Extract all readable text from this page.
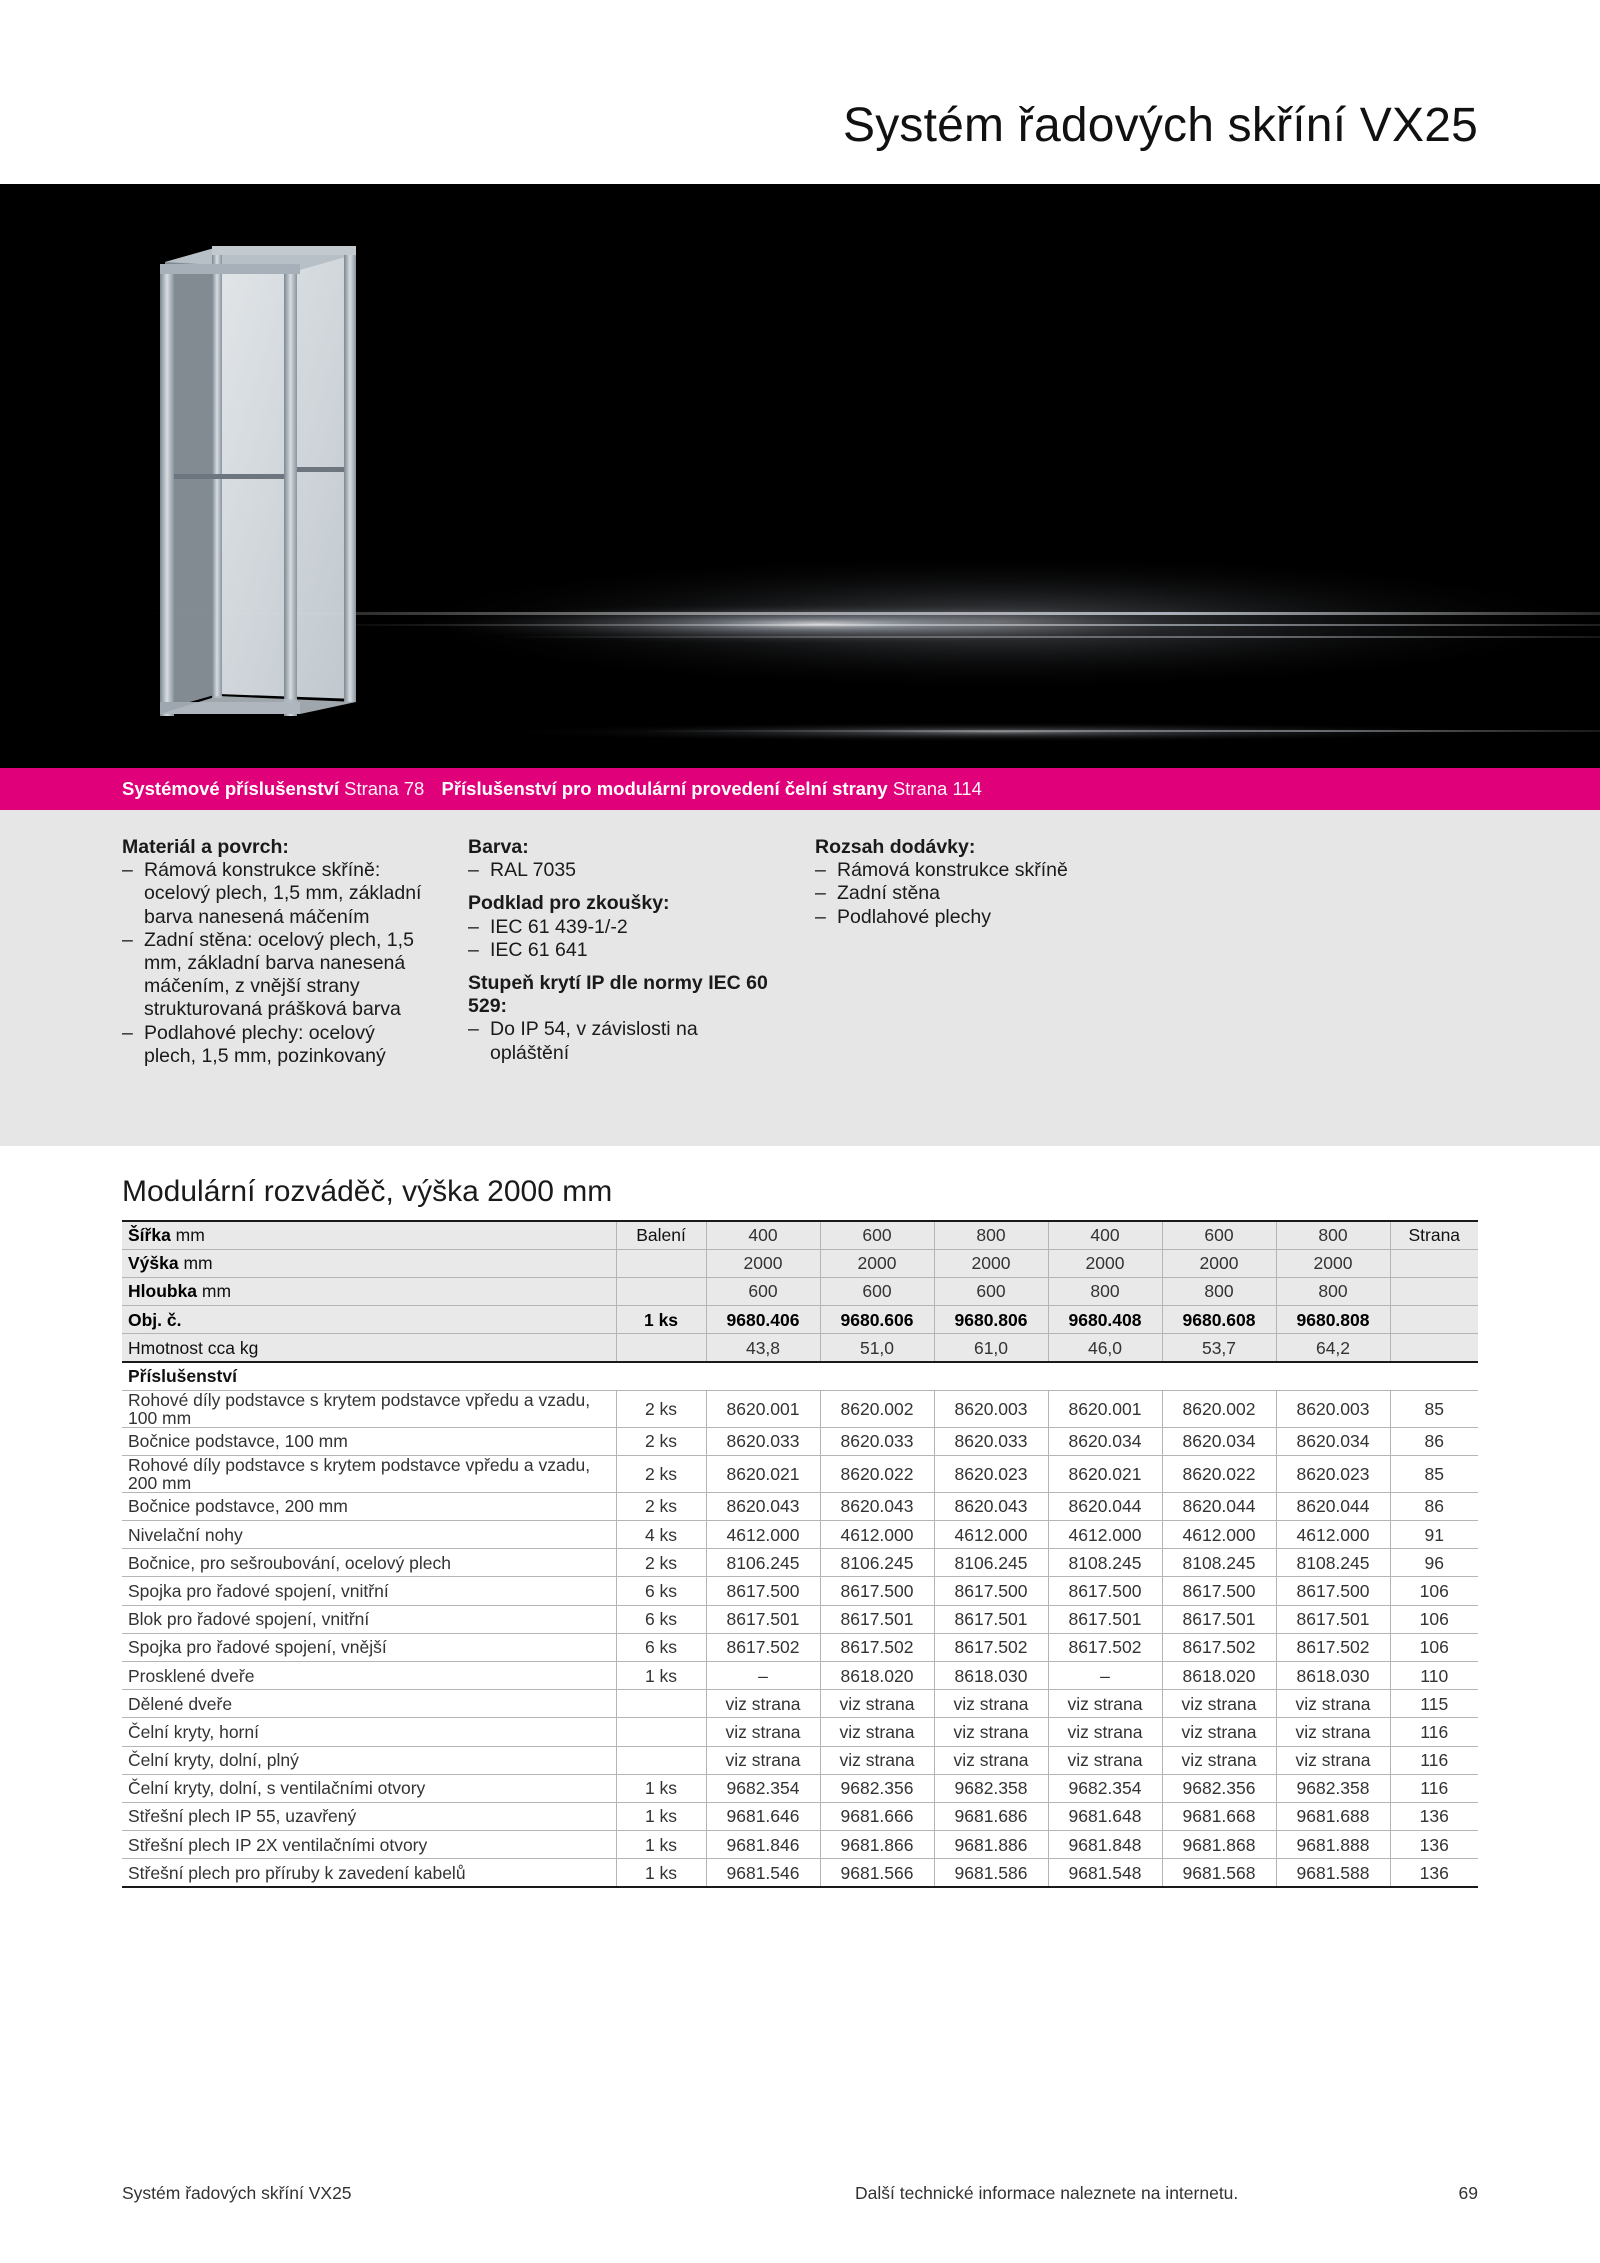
Systém řadových skříní VX25
Systémové příslušenství Strana 78 Příslušenství pro modulární provedení čelní strany Strana 114
Materiál a povrch:
– Rámová konstrukce skříně: ocelový plech, 1,5 mm, základní barva nanesená máčením
– Zadní stěna: ocelový plech, 1,5 mm, základní barva nanesená máčením, z vnější strany strukturovaná prášková barva
– Podlahové plechy: ocelový plech, 1,5 mm, pozinkovaný
Barva:
– RAL 7035
Podklad pro zkoušky:
– IEC 61 439-1/-2
– IEC 61 641
Stupeň krytí IP dle normy IEC 60 529:
– Do IP 54, v závislosti na opláštění
Rozsah dodávky:
– Rámová konstrukce skříně
– Zadní stěna
– Podlahové plechy
Modulární rozváděč, výška 2000 mm
Šířka mm	Balení	400	600	800	400	600	800	Strana
Výška mm		2000	2000	2000	2000	2000	2000	
Hloubka mm		600	600	600	800	800	800	
Obj. č.	1 ks	9680.406	9680.606	9680.806	9680.408	9680.608	9680.808	
Hmotnost cca kg		43,8	51,0	61,0	46,0	53,7	64,2	
Příslušenství								
Rohové díly podstavce s krytem podstavce vpředu a vzadu, 100 mm	2 ks	8620.001	8620.002	8620.003	8620.001	8620.002	8620.003	85
Bočnice podstavce, 100 mm	2 ks	8620.033	8620.033	8620.033	8620.034	8620.034	8620.034	86
Rohové díly podstavce s krytem podstavce vpředu a vzadu, 200 mm	2 ks	8620.021	8620.022	8620.023	8620.021	8620.022	8620.023	85
Bočnice podstavce, 200 mm	2 ks	8620.043	8620.043	8620.043	8620.044	8620.044	8620.044	86
Nivelační nohy	4 ks	4612.000	4612.000	4612.000	4612.000	4612.000	4612.000	91
Bočnice, pro sešroubování, ocelový plech	2 ks	8106.245	8106.245	8106.245	8108.245	8108.245	8108.245	96
Spojka pro řadové spojení, vnitřní	6 ks	8617.500	8617.500	8617.500	8617.500	8617.500	8617.500	106
Blok pro řadové spojení, vnitřní	6 ks	8617.501	8617.501	8617.501	8617.501	8617.501	8617.501	106
Spojka pro řadové spojení, vnější	6 ks	8617.502	8617.502	8617.502	8617.502	8617.502	8617.502	106
Prosklené dveře	1 ks	–	8618.020	8618.030	–	8618.020	8618.030	110
Dělené dveře		viz strana	viz strana	viz strana	viz strana	viz strana	viz strana	115
Čelní kryty, horní		viz strana	viz strana	viz strana	viz strana	viz strana	viz strana	116
Čelní kryty, dolní, plný		viz strana	viz strana	viz strana	viz strana	viz strana	viz strana	116
Čelní kryty, dolní, s ventilačními otvory	1 ks	9682.354	9682.356	9682.358	9682.354	9682.356	9682.358	116
Střešní plech IP 55, uzavřený	1 ks	9681.646	9681.666	9681.686	9681.648	9681.668	9681.688	136
Střešní plech IP 2X ventilačními otvory	1 ks	9681.846	9681.866	9681.886	9681.848	9681.868	9681.888	136
Střešní plech pro příruby k zavedení kabelů	1 ks	9681.546	9681.566	9681.586	9681.548	9681.568	9681.588	136
Systém řadových skříní VX25	Další technické informace naleznete na internetu.	69
